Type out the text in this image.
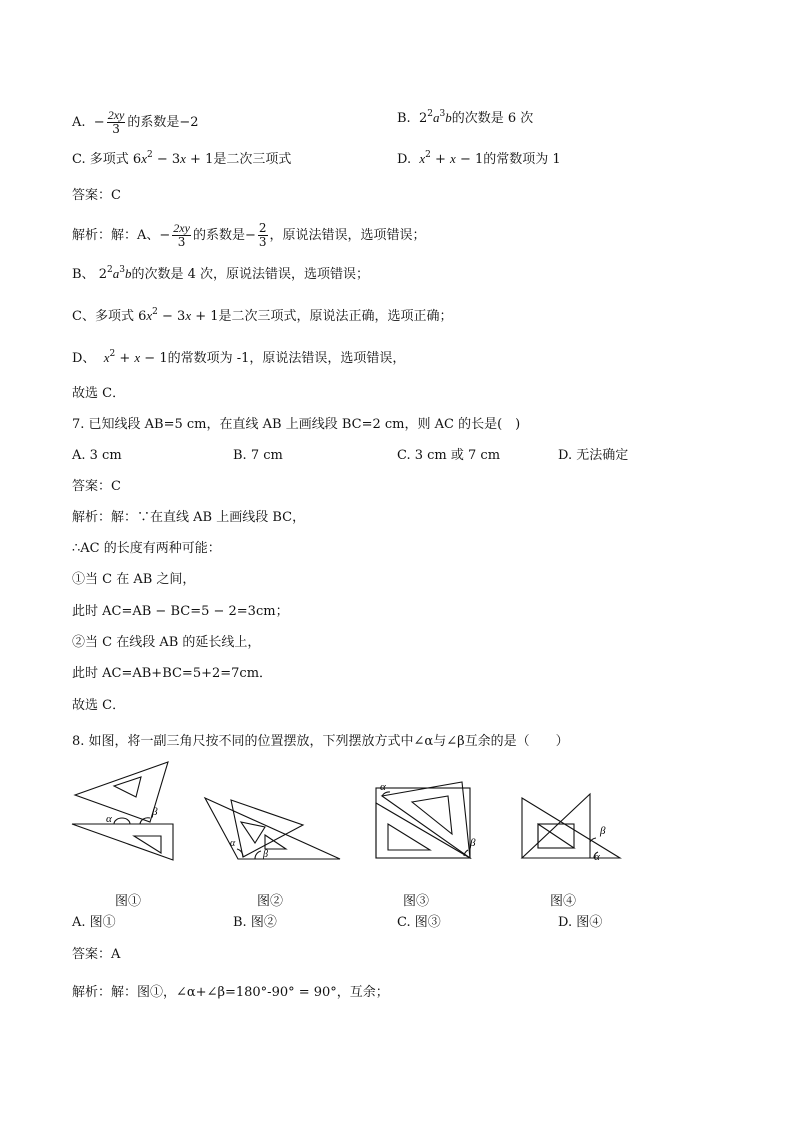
A.  − $\frac{2xy}{3}$ 的系数是−2	B.  $2^2a^3b$的次数是 6 次
C. 多项式 $6x^2 - 3x + 1$是二次三项式	D. $x^2 + x - 1$的常数项为 1
答案：C
解析：解：A、− $\frac{2xy}{3}$ 的系数是− $\frac{2}{3}$ ，原说法错误，选项错误；
B、 $2^2a^3b$的次数是 4 次，原说法错误，选项错误；
C、多项式 $6x^2 - 3x + 1$是二次三项式，原说法正确，选项正确；
D、 $x^2 + x - 1$的常数项为 -1，原说法错误，选项错误，
故选 C．
7. 已知线段 AB=5 cm，在直线 AB 上画线段 BC=2 cm，则 AC 的长是(　)
A. 3 cm	B. 7 cm	C. 3 cm 或 7 cm	D. 无法确定
答案：C
解析：解：∵在直线 AB 上画线段 BC，
∴AC 的长度有两种可能：
①当 C 在 AB 之间，
此时 AC=AB − BC=5 − 2=3cm；
②当 C 在线段 AB 的延长线上，
此时 AC=AB+BC=5+2=7cm．
故选 C．
8. 如图，将一副三角尺按不同的位置摆放，下列摆放方式中∠α与∠β互余的是（　　）
α
β
α
β
α
β
β
α
图①	图②	图③	图④
A. 图①	B. 图②	C. 图③	D. 图④
答案：A
解析：解：图①，∠α+∠β=180°-90° = 90°，互余；
